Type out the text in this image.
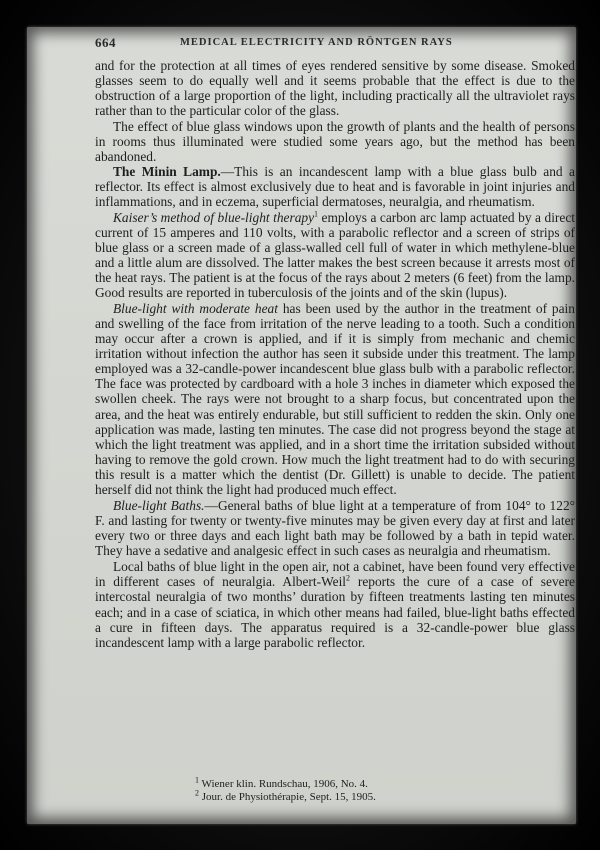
664	MEDICAL ELECTRICITY AND RÖNTGEN RAYS

and for the protection at all times of eyes rendered sensitive by some disease. Smoked glasses seem to do equally well and it seems probable that the effect is due to the obstruction of a large proportion of the light, including practically all the ultraviolet rays rather than to the particular color of the glass.

The effect of blue glass windows upon the growth of plants and the health of persons in rooms thus illuminated were studied some years ago, but the method has been abandoned.

The Minin Lamp.—This is an incandescent lamp with a blue glass bulb and a reflector. Its effect is almost exclusively due to heat and is favorable in joint injuries and inflammations, and in eczema, superficial dermatoses, neuralgia, and rheumatism.

Kaiser’s method of blue-light therapy$^1$ employs a carbon arc lamp actuated by a direct current of 15 amperes and 110 volts, with a parabolic reflector and a screen of strips of blue glass or a screen made of a glass-walled cell full of water in which methylene-blue and a little alum are dissolved. The latter makes the best screen because it arrests most of the heat rays. The patient is at the focus of the rays about 2 meters (6 feet) from the lamp. Good results are reported in tuberculosis of the joints and of the skin (lupus).

Blue-light with moderate heat has been used by the author in the treatment of pain and swelling of the face from irritation of the nerve leading to a tooth. Such a condition may occur after a crown is applied, and if it is simply from mechanic and chemic irritation without infection the author has seen it subside under this treatment. The lamp employed was a 32-candle-power incandescent blue glass bulb with a parabolic reflector. The face was protected by cardboard with a hole 3 inches in diameter which exposed the swollen cheek. The rays were not brought to a sharp focus, but concentrated upon the area, and the heat was entirely endurable, but still sufficient to redden the skin. Only one application was made, lasting ten minutes. The case did not progress beyond the stage at which the light treatment was applied, and in a short time the irritation subsided without having to remove the gold crown. How much the light treatment had to do with securing this result is a matter which the dentist (Dr. Gillett) is unable to decide. The patient herself did not think the light had produced much effect.

Blue-light Baths.—General baths of blue light at a temperature of from 104° to 122° F. and lasting for twenty or twenty-five minutes may be given every day at first and later every two or three days and each light bath may be followed by a bath in tepid water. They have a sedative and analgesic effect in such cases as neuralgia and rheumatism.

Local baths of blue light in the open air, not a cabinet, have been found very effective in different cases of neuralgia. Albert-Weil$^2$ reports the cure of a case of severe intercostal neuralgia of two months’ duration by fifteen treatments lasting ten minutes each; and in a case of sciatica, in which other means had failed, blue-light baths effected a cure in fifteen days. The apparatus required is a 32-candle-power blue glass incandescent lamp with a large parabolic reflector.

$^1$ Wiener klin. Rundschau, 1906, No. 4.
$^2$ Jour. de Physiothérapie, Sept. 15, 1905.
